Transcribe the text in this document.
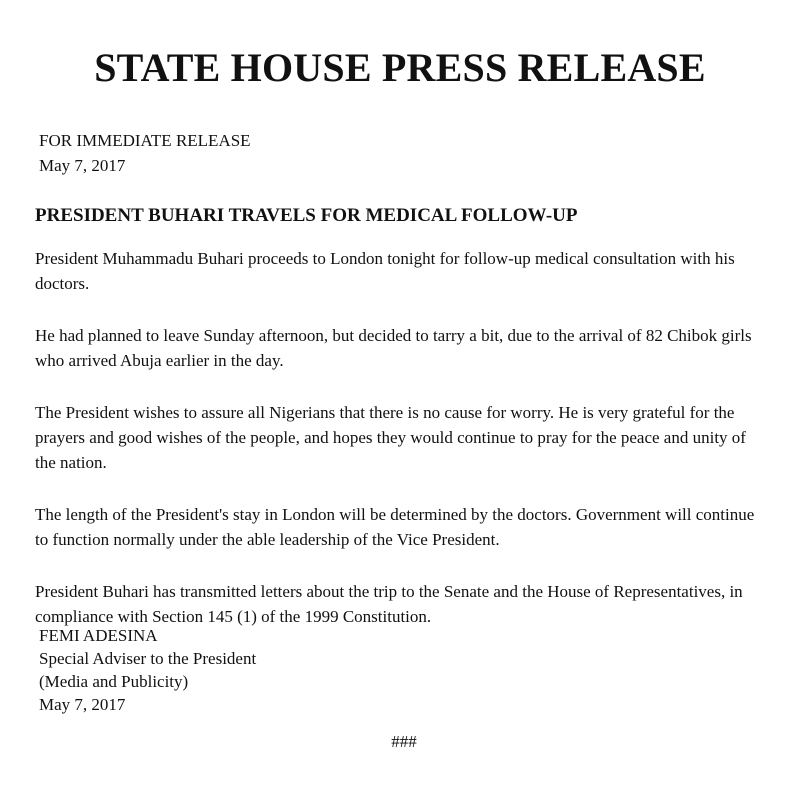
STATE HOUSE PRESS RELEASE
FOR IMMEDIATE RELEASE
May 7, 2017
PRESIDENT BUHARI TRAVELS FOR MEDICAL FOLLOW-UP

President Muhammadu Buhari proceeds to London tonight for follow-up medical consultation with his doctors.

He had planned to leave Sunday afternoon, but decided to tarry a bit, due to the arrival of 82 Chibok girls who arrived Abuja earlier in the day.

The President wishes to assure all Nigerians that there is no cause for worry. He is very grateful for the prayers and good wishes of the people, and hopes they would continue to pray for the peace and unity of the nation.

The length of the President's stay in London will be determined by the doctors. Government will continue to function normally under the able leadership of the Vice President.

President Buhari has transmitted letters about the trip to the Senate and the House of Representatives, in compliance with Section 145 (1) of the 1999 Constitution.

FEMI ADESINA
Special Adviser to the President
(Media and Publicity)
May 7, 2017
###
